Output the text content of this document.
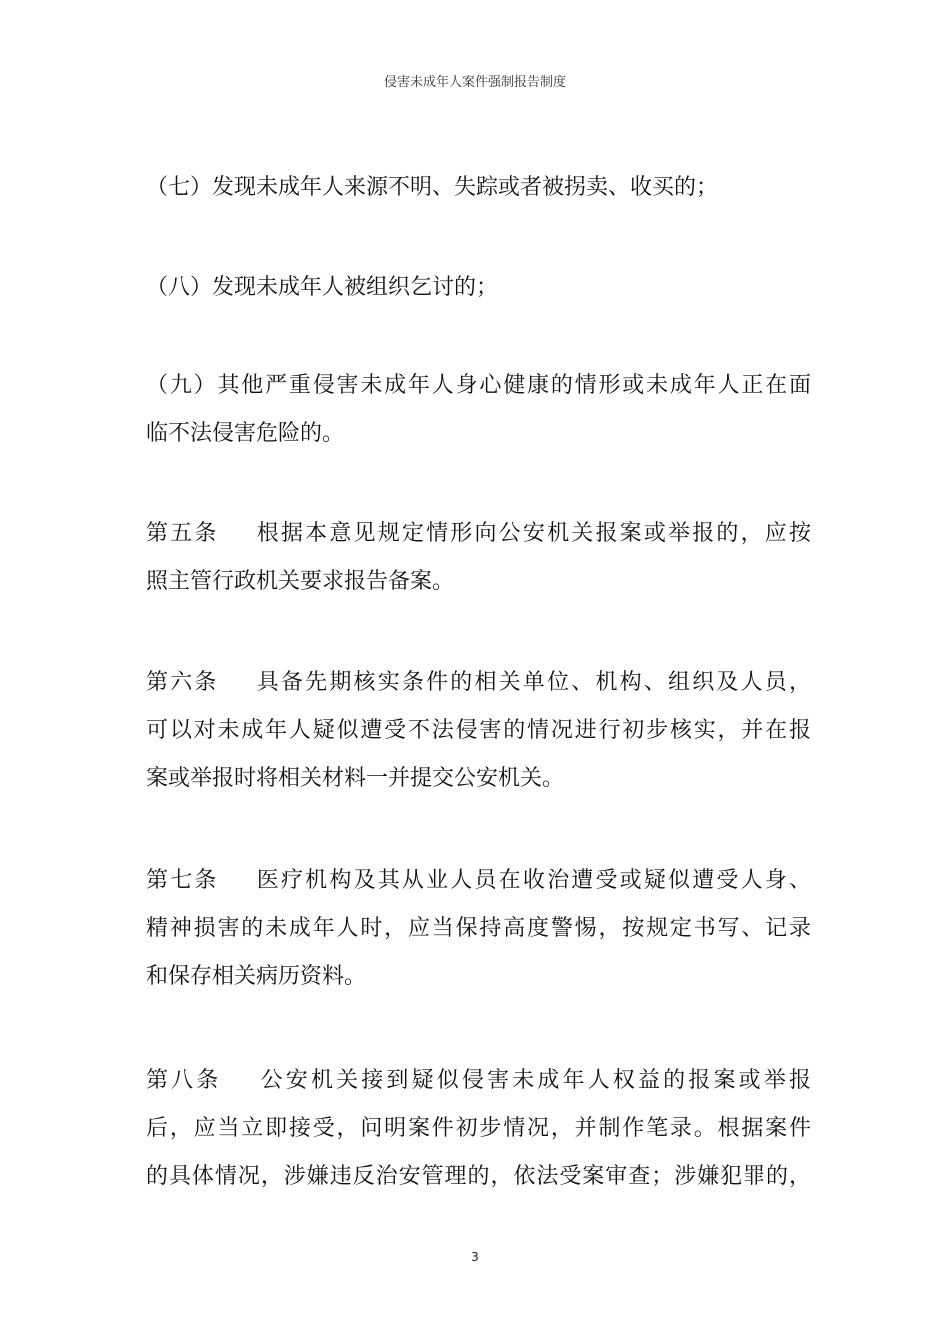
侵害未成年人案件强制报告制度
（七）发现未成年人来源不明、失踪或者被拐卖、收买的；
（八）发现未成年人被组织乞讨的；
（九）其他严重侵害未成年人身心健康的情形或未成年人正在面
临不法侵害危险的。
第五条 根据本意见规定情形向公安机关报案或举报的，应按
照主管行政机关要求报告备案。
第六条 具备先期核实条件的相关单位、机构、组织及人员，
可以对未成年人疑似遭受不法侵害的情况进行初步核实，并在报
案或举报时将相关材料一并提交公安机关。
第七条 医疗机构及其从业人员在收治遭受或疑似遭受人身、
精神损害的未成年人时，应当保持高度警惕，按规定书写、记录
和保存相关病历资料。
第八条 公安机关接到疑似侵害未成年人权益的报案或举报
后，应当立即接受，问明案件初步情况，并制作笔录。根据案件
的具体情况，涉嫌违反治安管理的，依法受案审查；涉嫌犯罪的，
3
